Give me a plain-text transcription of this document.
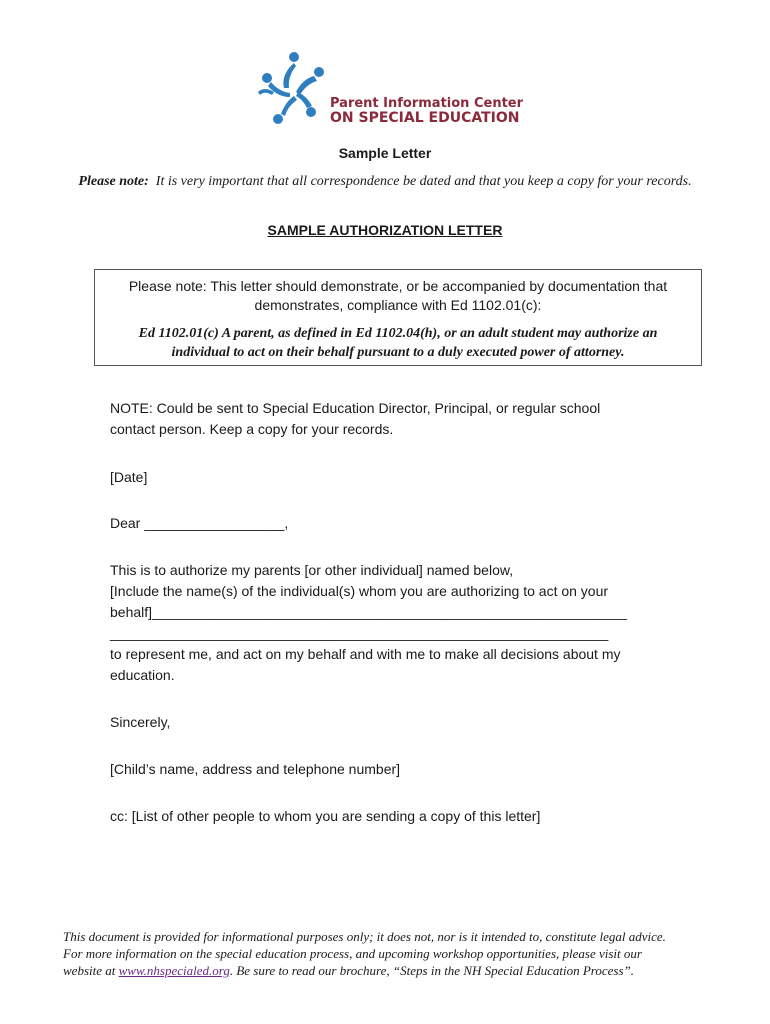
Parent Information Center
ON SPECIAL EDUCATION
Sample Letter
Please note: It is very important that all correspondence be dated and that you keep a copy for your records.
SAMPLE AUTHORIZATION LETTER
Please note: This letter should demonstrate, or be accompanied by documentation that
demonstrates, compliance with Ed 1102.01(c):
Ed 1102.01(c) A parent, as defined in Ed 1102.04(h), or an adult student may authorize an
individual to act on their behalf pursuant to a duly executed power of attorney.

NOTE: Could be sent to Special Education Director, Principal, or regular school
contact person. Keep a copy for your records.

[Date]

Dear __________________,

This is to authorize my parents [or other individual] named below,
[Include the name(s) of the individual(s) whom you are authorizing to act on your
behalf]_____________________________________________________________
________________________________________________________________
to represent me, and act on my behalf and with me to make all decisions about my
education.

Sincerely,

[Child’s name, address and telephone number]

cc: [List of other people to whom you are sending a copy of this letter]

This document is provided for informational purposes only; it does not, nor is it intended to, constitute legal advice.
For more information on the special education process, and upcoming workshop opportunities, please visit our
website at www.nhspecialed.org. Be sure to read our brochure, “Steps in the NH Special Education Process”.
